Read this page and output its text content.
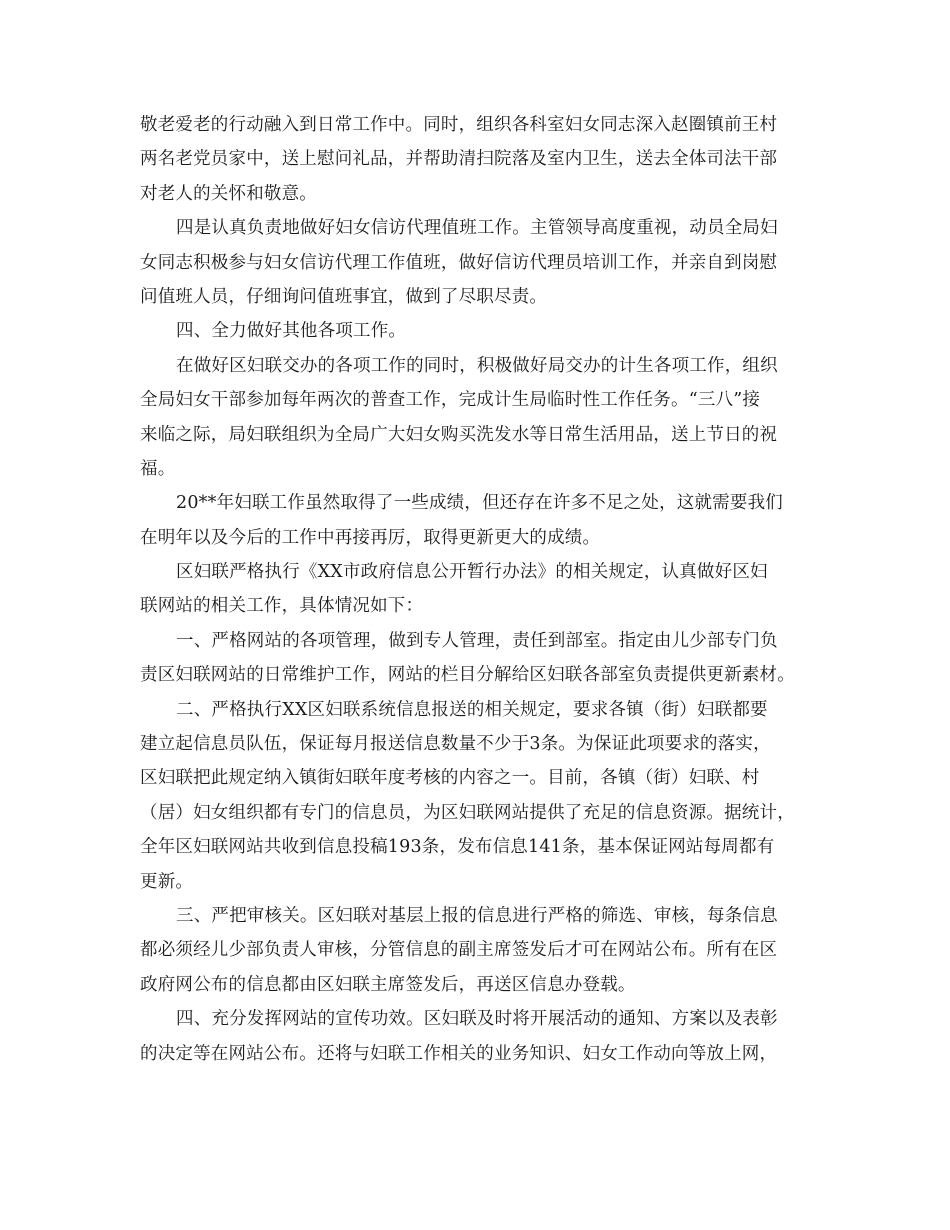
敬老爱老的行动融入到日常工作中。同时，组织各科室妇女同志深入赵圈镇前王村
两名老党员家中，送上慰问礼品，并帮助清扫院落及室内卫生，送去全体司法干部
对老人的关怀和敬意。

四是认真负责地做好妇女信访代理值班工作。主管领导高度重视，动员全局妇
女同志积极参与妇女信访代理工作值班，做好信访代理员培训工作，并亲自到岗慰
问值班人员，仔细询问值班事宜，做到了尽职尽责。

四、全力做好其他各项工作。

在做好区妇联交办的各项工作的同时，积极做好局交办的计生各项工作，组织
全局妇女干部参加每年两次的普查工作，完成计生局临时性工作任务。“三八”接
来临之际，局妇联组织为全局广大妇女购买洗发水等日常生活用品，送上节日的祝
福。

20**年妇联工作虽然取得了一些成绩，但还存在许多不足之处，这就需要我们
在明年以及今后的工作中再接再厉，取得更新更大的成绩。

区妇联严格执行《XX市政府信息公开暂行办法》的相关规定，认真做好区妇
联网站的相关工作，具体情况如下：

一、严格网站的各项管理，做到专人管理，责任到部室。指定由儿少部专门负
责区妇联网站的日常维护工作，网站的栏目分解给区妇联各部室负责提供更新素材。

二、严格执行XX区妇联系统信息报送的相关规定，要求各镇（街）妇联都要
建立起信息员队伍，保证每月报送信息数量不少于3条。为保证此项要求的落实，
区妇联把此规定纳入镇街妇联年度考核的内容之一。目前，各镇（街）妇联、村
（居）妇女组织都有专门的信息员，为区妇联网站提供了充足的信息资源。据统计，
全年区妇联网站共收到信息投稿193条，发布信息141条，基本保证网站每周都有
更新。

三、严把审核关。区妇联对基层上报的信息进行严格的筛选、审核，每条信息
都必须经儿少部负责人审核，分管信息的副主席签发后才可在网站公布。所有在区
政府网公布的信息都由区妇联主席签发后，再送区信息办登载。

四、充分发挥网站的宣传功效。区妇联及时将开展活动的通知、方案以及表彰
的决定等在网站公布。还将与妇联工作相关的业务知识、妇女工作动向等放上网，
